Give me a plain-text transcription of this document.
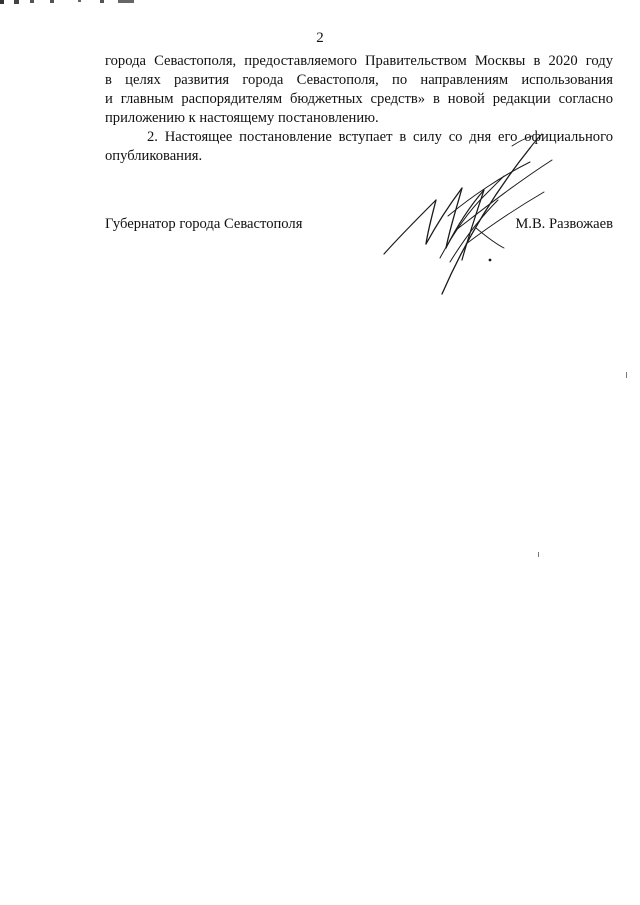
2

города Севастополя, предоставляемого Правительством Москвы в 2020 году
в целях развития города Севастополя, по направлениям использования
и главным распорядителям бюджетных средств» в новой редакции согласно
приложению к настоящему постановлению.

2. Настоящее постановление вступает в силу со дня его официального
опубликования.

Губернатор города Севастополя	М.В. Развожаев
